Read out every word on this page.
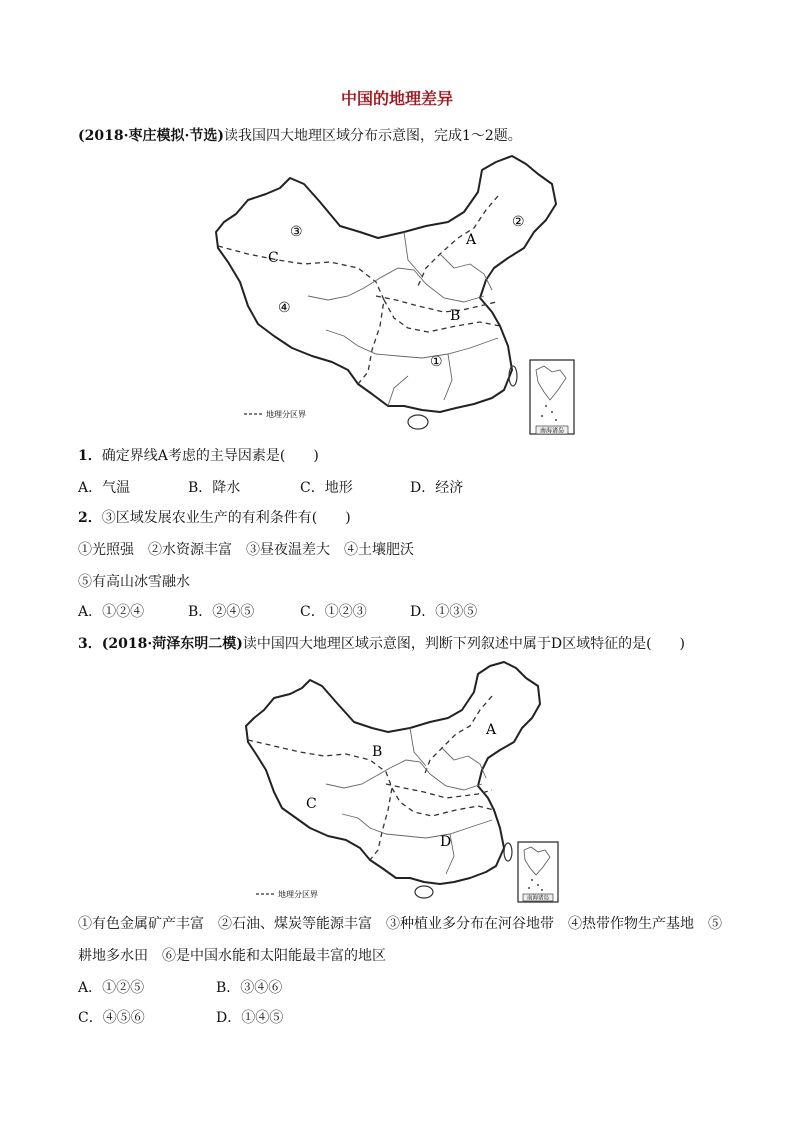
中国的地理差异

(2018·枣庄模拟·节选)读我国四大地理区域分布示意图，完成1～2题。

南海诸岛
③
②
A
C
④	B
①
地理分区界

1．确定界线A考虑的主导因素是(　　)

A．气温	B．降水	C．地形	D．经济

2．③区域发展农业生产的有利条件有(　　)

①光照强　②水资源丰富　③昼夜温差大　④土壤肥沃

⑤有高山冰雪融水

A．①②④	B．②④⑤	C．①②③	D．①③⑤

3．(2018·菏泽东明二模)读中国四大地理区域示意图，判断下列叙述中属于D区域特征的是(　　)

南海诸岛
B
A
C
D
地理分区界

①有色金属矿产丰富　②石油、煤炭等能源丰富　③种植业多分布在河谷地带　④热带作物生产基地　⑤

耕地多水田　⑥是中国水能和太阳能最丰富的地区

A．①②⑤	B．③④⑥
C．④⑤⑥	D．①④⑤
